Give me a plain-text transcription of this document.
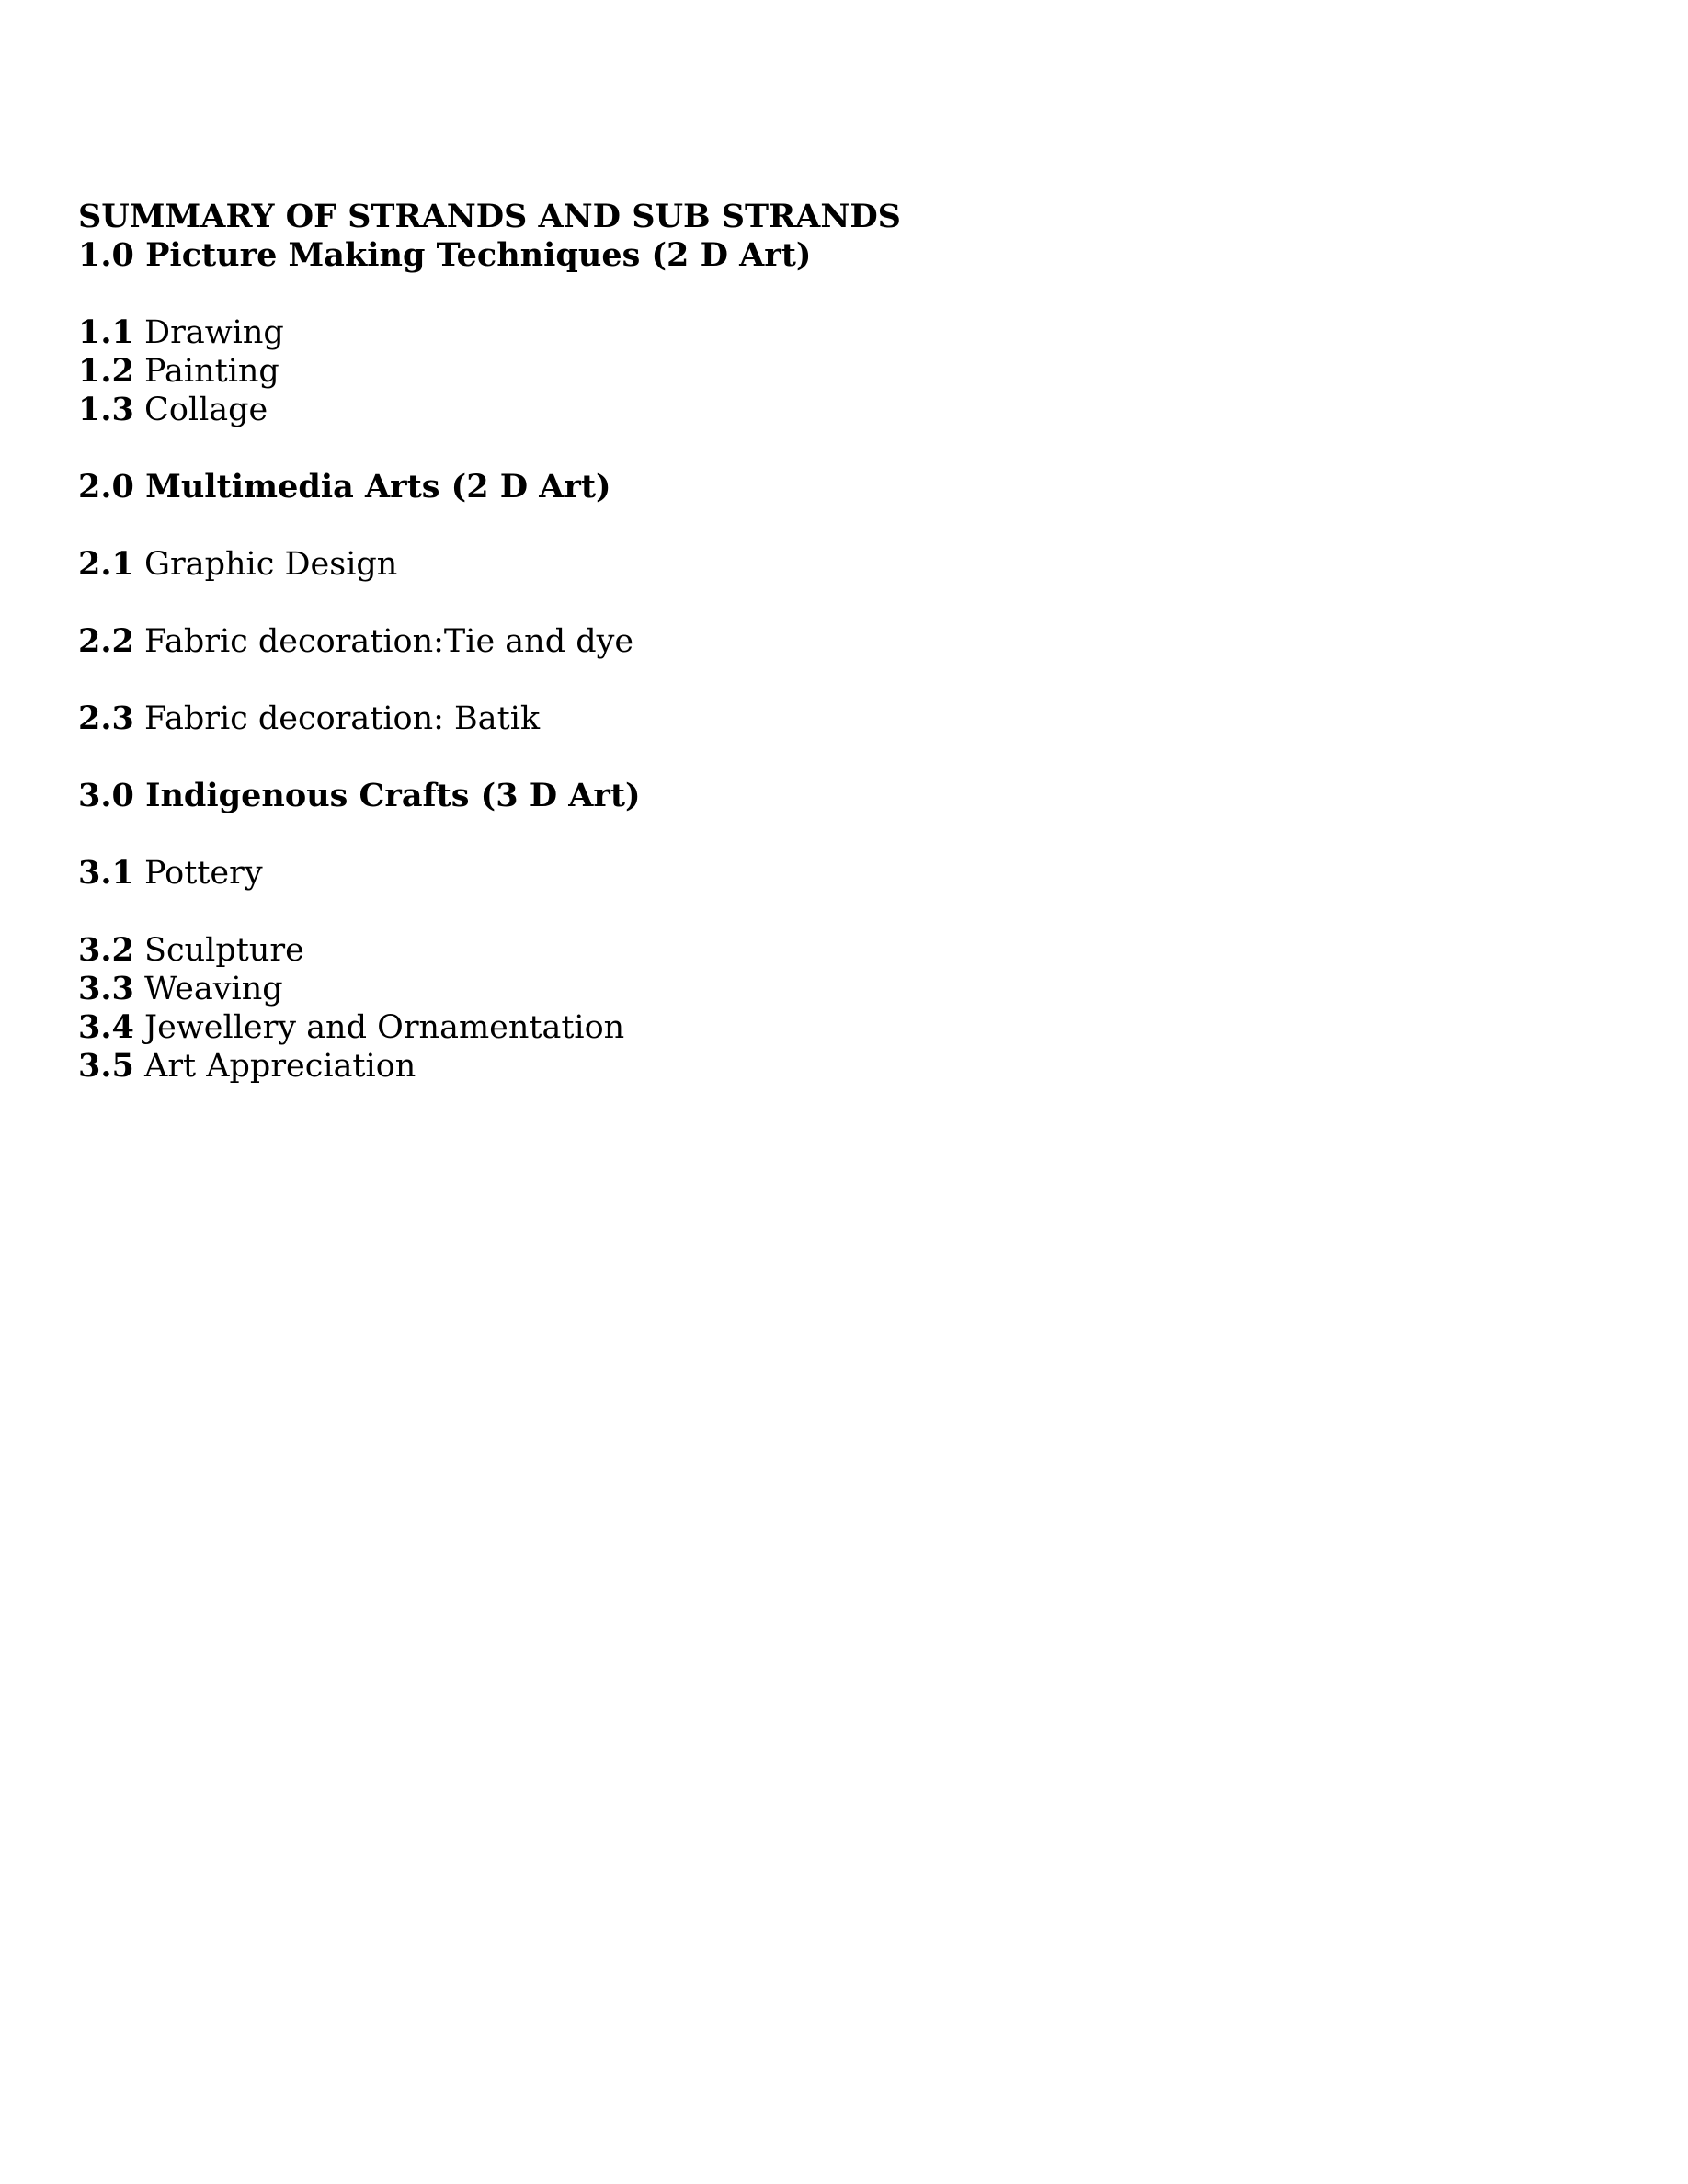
SUMMARY OF STRANDS AND SUB STRANDS
1.0 Picture Making Techniques (2 D Art)
1.1 Drawing
1.2 Painting
1.3 Collage
2.0 Multimedia Arts (2 D Art)
2.1 Graphic Design
2.2 Fabric decoration:Tie and dye
2.3 Fabric decoration: Batik
3.0 Indigenous Crafts (3 D Art)
3.1 Pottery
3.2 Sculpture
3.3 Weaving
3.4 Jewellery and Ornamentation
3.5 Art Appreciation
